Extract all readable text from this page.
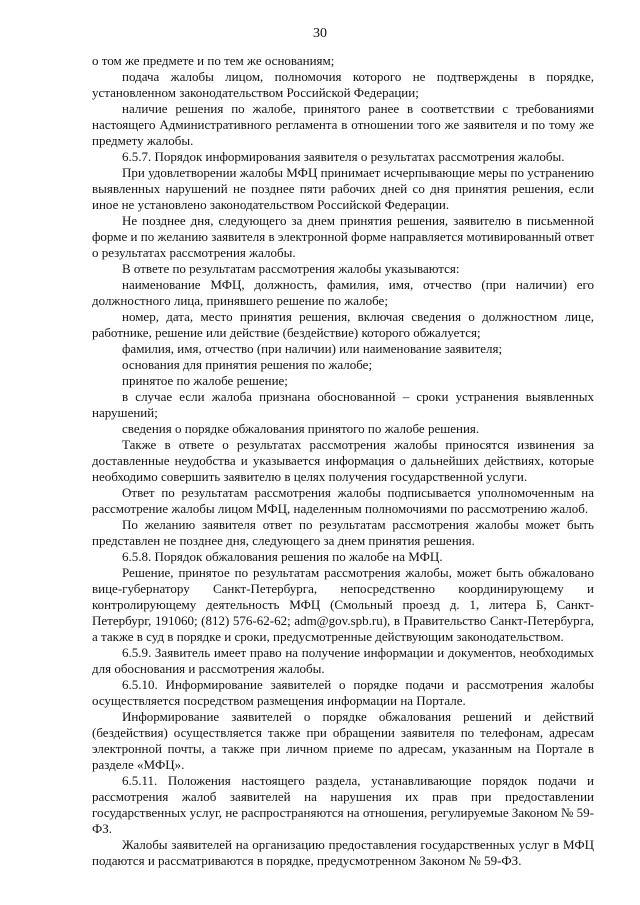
30

о том же предмете и по тем же основаниям;

подача жалобы лицом, полномочия которого не подтверждены в порядке, установленном законодательством Российской Федерации;

наличие решения по жалобе, принятого ранее в соответствии с требованиями настоящего Административного регламента в отношении того же заявителя и по тому же предмету жалобы.

6.5.7. Порядок информирования заявителя о результатах рассмотрения жалобы.

При удовлетворении жалобы МФЦ принимает исчерпывающие меры по устранению выявленных нарушений не позднее пяти рабочих дней со дня принятия решения, если иное не установлено законодательством Российской Федерации.

Не позднее дня, следующего за днем принятия решения, заявителю в письменной форме и по желанию заявителя в электронной форме направляется мотивированный ответ о результатах рассмотрения жалобы.

В ответе по результатам рассмотрения жалобы указываются:

наименование МФЦ, должность, фамилия, имя, отчество (при наличии) его должностного лица, принявшего решение по жалобе;

номер, дата, место принятия решения, включая сведения о должностном лице, работнике, решение или действие (бездействие) которого обжалуется;

фамилия, имя, отчество (при наличии) или наименование заявителя;

основания для принятия решения по жалобе;

принятое по жалобе решение;

в случае если жалоба признана обоснованной – сроки устранения выявленных нарушений;

сведения о порядке обжалования принятого по жалобе решения.

Также в ответе о результатах рассмотрения жалобы приносятся извинения за доставленные неудобства и указывается информация о дальнейших действиях, которые необходимо совершить заявителю в целях получения государственной услуги.

Ответ по результатам рассмотрения жалобы подписывается уполномоченным на рассмотрение жалобы лицом МФЦ, наделенным полномочиями по рассмотрению жалоб.

По желанию заявителя ответ по результатам рассмотрения жалобы может быть представлен не позднее дня, следующего за днем принятия решения.

6.5.8. Порядок обжалования решения по жалобе на МФЦ.

Решение, принятое по результатам рассмотрения жалобы, может быть обжаловано вице-губернатору Санкт-Петербурга, непосредственно координирующему и контролирующему деятельность МФЦ (Смольный проезд д. 1, литера Б, Санкт-Петербург, 191060; (812) 576-62-62; adm@gov.spb.ru), в Правительство Санкт-Петербурга, а также в суд в порядке и сроки, предусмотренные действующим законодательством.

6.5.9. Заявитель имеет право на получение информации и документов, необходимых для обоснования и рассмотрения жалобы.

6.5.10. Информирование заявителей о порядке подачи и рассмотрения жалобы осуществляется посредством размещения информации на Портале.

Информирование заявителей о порядке обжалования решений и действий (бездействия) осуществляется также при обращении заявителя по телефонам, адресам электронной почты, а также при личном приеме по адресам, указанным на Портале в разделе «МФЦ».

6.5.11. Положения настоящего раздела, устанавливающие порядок подачи и рассмотрения жалоб заявителей на нарушения их прав при предоставлении государственных услуг, не распространяются на отношения, регулируемые Законом № 59-ФЗ.

Жалобы заявителей на организацию предоставления государственных услуг в МФЦ подаются и рассматриваются в порядке, предусмотренном Законом № 59-ФЗ.
